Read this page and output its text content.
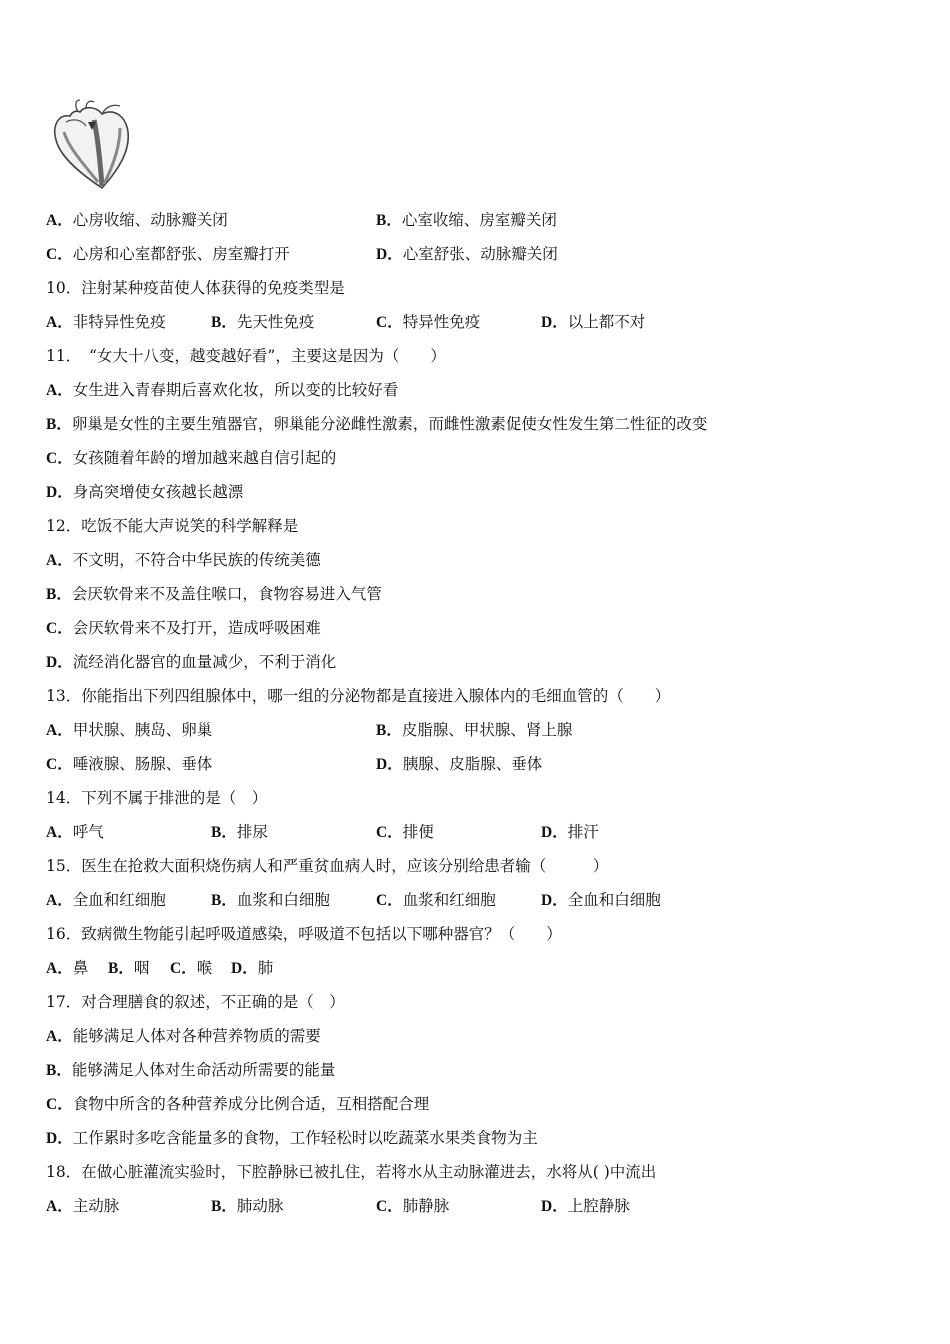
A．心房收缩、动脉瓣关闭	B．心室收缩、房室瓣关闭
C．心房和心室都舒张、房室瓣打开	D．心室舒张、动脉瓣关闭
10．注射某种疫苗使人体获得的免疫类型是
A．非特异性免疫	B．先天性免疫	C．特异性免疫	D．以上都不对
11．　“女大十八变，越变越好看”，主要这是因为（　　）
A．女生进入青春期后喜欢化妆，所以变的比较好看
B．卵巢是女性的主要生殖器官，卵巢能分泌雌性激素，而雌性激素促使女性发生第二性征的改变
C．女孩随着年龄的增加越来越自信引起的
D．身高突增使女孩越长越漂
12．吃饭不能大声说笑的科学解释是
A．不文明，不符合中华民族的传统美德
B．会厌软骨来不及盖住喉口，食物容易进入气管
C．会厌软骨来不及打开，造成呼吸困难
D．流经消化器官的血量减少，不利于消化
13．你能指出下列四组腺体中，哪一组的分泌物都是直接进入腺体内的毛细血管的（　　）
A．甲状腺、胰岛、卵巢	B．皮脂腺、甲状腺、肾上腺
C．唾液腺、肠腺、垂体	D．胰腺、皮脂腺、垂体
14．下列不属于排泄的是（　）
A．呼气	B．排尿	C．排便	D．排汗
15．医生在抢救大面积烧伤病人和严重贫血病人时，应该分别给患者输（　　　）
A．全血和红细胞	B．血浆和白细胞	C．血浆和红细胞	D．全血和白细胞
16．致病微生物能引起呼吸道感染，呼吸道不包括以下哪种器官？（　　）
A．鼻 B．咽 C．喉 D．肺
17．对合理膳食的叙述，不正确的是（　）
A．能够满足人体对各种营养物质的需要
B．能够满足人体对生命活动所需要的能量
C．食物中所含的各种营养成分比例合适，互相搭配合理
D．工作累时多吃含能量多的食物，工作轻松时以吃蔬菜水果类食物为主
18．在做心脏灌流实验时，下腔静脉已被扎住，若将水从主动脉灌进去，水将从( )中流出
A．主动脉	B．肺动脉	C．肺静脉	D．上腔静脉
